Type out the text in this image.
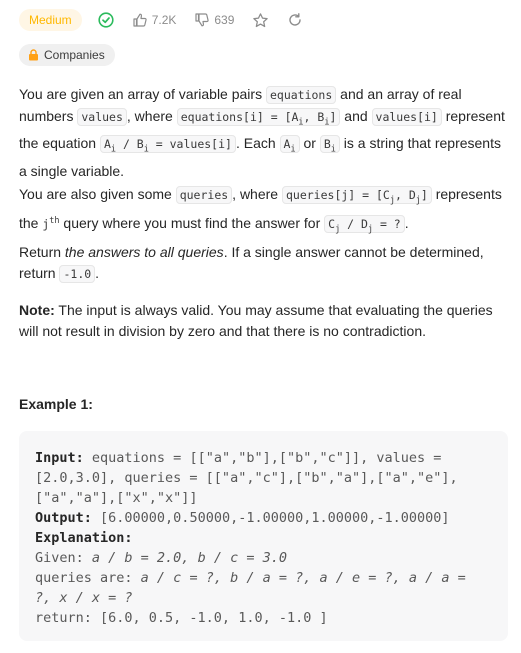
Medium	7.2K	639
Companies
You are given an array of variable pairs equations and an array of real numbers values , where equations[i] = [$A_i$, $B_i$] and values[i] represent the equation $A_i / B_i$ = values[i] . Each $A_i$ or $B_i$ is a string that represents a single variable.
You are also given some queries , where queries[j] = [$C_j$, $D_j$] represents the $j^{th}$ query where you must find the answer for $C_j / D_j$ = ? .
Return the answers to all queries. If a single answer cannot be determined, return -1.0 .
Note: The input is always valid. You may assume that evaluating the queries will not result in division by zero and that there is no contradiction.
Example 1:
Input: equations = [["a","b"],["b","c"]], values =
[2.0,3.0], queries = [["a","c"],["b","a"],["a","e"],
["a","a"],["x","x"]]
Output: [6.00000,0.50000,-1.00000,1.00000,-1.00000]
Explanation:
Given: a / b = 2.0, b / c = 3.0
queries are: a / c = ?, b / a = ?, a / e = ?, a / a =
?, x / x = ?
return: [6.0, 0.5, -1.0, 1.0, -1.0 ]
